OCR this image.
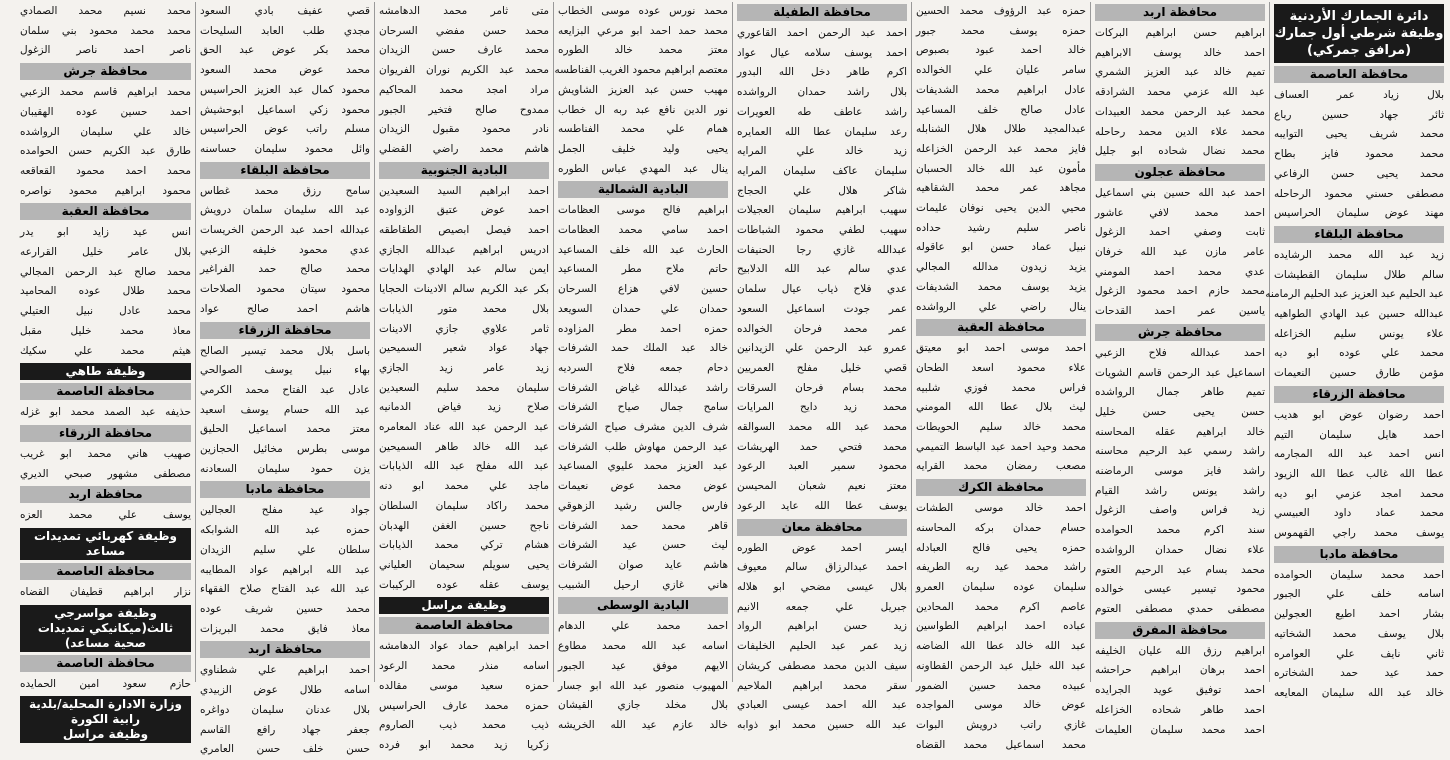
دائرة الجمارك الأردنية
وظيفة شرطي أول جمارك
(مرافق جمركي)
محافظة العاصمة
بلال زياد عمر العساف
ثائر جهاد حسين رباع
محمد شريف يحيى التوايبه
محمد محمود فايز بطاح
محمد يحيى حسن الرفاعي
مصطفى حسني محمود الرحاحله
مهند عوض سليمان الحراسيس
محافظة البلقاء
زيد عبد الله محمد الرشايده
سالم طلال سليمان القطيشات
عبد الحليم عبد العزيز عبد الحليم الرمامنه
عبدالله حسين عبد الهادي الطواهيه
علاء يونس سليم الخزاعله
محمد علي عوده ابو ديه
مؤمن طارق حسين النعيمات
محافظة الزرقاء
احمد رضوان عوض ابو هديب
احمد هايل سليمان التيم
انس احمد عبد الله المجارمه
عطا الله غالب عطا الله الزيود
محمد امجد عزمي ابو ديه
محمد عماد داود العبيسي
يوسف محمد راجي القهموس
محافظة مادبا
احمد محمد سليمان الحوامده
اسامه خلف علي الجبور
بشار احمد اطيع العجولين
بلال يوسف محمد الشخاتيه
ثاني نايف علي العوامره
حمد عيد حمد الشخاتره
خالد عبد الله سليمان المعايعه
محافظة اربد
ابراهيم حسن ابراهيم البركات
احمد خالد يوسف الابراهيم
تميم خالد عبد العزيز الشمري
عبد الله عزمي محمد الشرادقه
محمد عبد الرحمن محمد العبيدات
محمد علاء الدين محمد رحاحله
محمد نضال شحاده ابو جليل
محافظة عجلون
احمد عبد الله حسين بني اسماعيل
احمد محمد لافي عاشور
ثابت وصفي احمد الزغول
عامر مازن عبد الله خرفان
عدي محمد احمد المومني
محمد حازم احمد محمود الزغول
ياسين عمر احمد القدحات
محافظة جرش
احمد عبدالله فلاح الزعبي
اسماعيل عبد الرحمن قاسم الشويات
تميم طاهر جمال الرواشده
حسن يحيى حسن خليل
خالد ابراهيم عقله المحاسنه
راشد رسمي عبد الرحيم محاسنه
راشد فايز موسى الرماضنه
راشد يونس راشد القيام
زيد فراس واصف الزغول
سند اكرم محمد الحوامده
علاء نضال حمدان الرواشده
محمد بسام عبد الرحيم العتوم
محمود تيسير عيسى خوالده
مصطفى حمدي مصطفى العتوم
محافظة المفرق
ابراهيم رزق الله عليان الخليفه
احمد برهان ابراهيم حراحشه
احمد توفيق عويد الجرايده
احمد طاهر شحاده الخزاعله
احمد محمد سليمان العليمات
حمزه عبد الرؤوف محمد الحسين
حمزه يوسف محمد جبور
خالد احمد عبود بصبوص
سامر عليان علي الخوالده
عادل ابراهيم محمد الشديفات
عادل صالح خلف المساعيد
عبدالمجيد طلال هلال الشنابله
فايز محمد عبد الرحمن الخزاعله
مأمون عبد الله خالد الحسبان
مجاهد عمر محمد الشقاهيه
محيي الدين يحيى نوفان عليمات
ناصر سليم رشيد حداده
نبيل عماد حسن ابو عاقوله
يزيد زيدون مدالله المجالي
يزيد يوسف محمد الشديفات
ينال راضي علي الرواشده
محافظة العقبة
احمد موسى احمد ابو معيتق
علاء محمود اسعد الطحان
فراس محمد فوزي شلبيه
ليث بلال عطا الله المومني
محمد خالد سليم الحويطات
محمد وحيد احمد عبد الباسط التميمي
مصعب رمضان محمد القرايه
محافظة الكرك
احمد خالد موسى الطشات
حسام حمدان بركه المحاسنه
حمزه يحيى فالح العبادله
راشد محمد عيد ربه الطريفه
سليمان عوده سليمان العمرو
عاصم اكرم محمد المحادين
عباده احمد ابراهيم الطواسين
عبد الله خالد عطا الله الضاضه
عبد الله خليل عبد الرحمن القطاونه
عبيده محمد حسين الضمور
عوض خالد موسى المواجده
غازي راتب درويش البوات
محمد اسماعيل محمد القضاه
محافظة الطفيلة
احمد عبد الرحمن احمد القاعوري
احمد يوسف سلامه عيال عواد
اكرم طاهر دخل الله البدور
بلال راشد حمدان الرواشده
راشد عاطف طه العويرات
رعد سليمان عطا الله العمايره
زيد خالد علي المرايه
سليمان عاكف سليمان المرايه
شاكر هلال علي الحجاج
سهيب ابراهيم سليمان العجيلات
سهيب لطفي محمود الشباطات
عبدالله غازي رجا الحنيفات
عدي سالم عبد الله الدلابيح
عدي فلاح ذياب عيال سلمان
عمر جودت اسماعيل السعود
عمر محمد فرحان الخوالده
عمرو عبد الرحمن علي الزيدانين
قصي خليل مفلح العمريين
محمد بسام فرحان السرقات
محمد زيد دايح المرايات
محمد عبد الله محمد السوالقه
محمد فتحي حمد الهريشات
محمود سمير العبد الرعود
معتز نعيم شعبان المحيسن
يوسف عطا الله عايد الرعود
محافظة معان
ايسر احمد عوض الطوره
احمد عبدالرزاق سالم معيوف
بلال عيسى مضحي ابو هلاله
جبريل علي جمعه الانيم
زيد حسن ابراهيم الرواد
زيد عمر عبد الحليم الخليفات
سيف الدين محمد مصطفى كريشان
سقر محمد ابراهيم الملاحيم
عبد الله احمد عيسى العبادي
عبد الله حسين محمد ابو ذوابه
محمد نورس عوده موسى الخطاب
محمد حمد احمد ابو مرعي البزايعه
معتز محمد خالد الطوره
معتصم ابراهيم محمود الغريب الفناطسه
مهيب حسن عبد العزيز الشاويش
نور الدين نافع عبد ربه ال خطاب
همام علي محمد الفناطسه
يحيى وليد خليف الجمل
ينال عبد المهدي عباس الطوره
البادية الشمالية
ابراهيم فالح موسى العظامات
احمد سامي محمد العظامات
الحارث عبد الله خلف المساعيد
حاتم ملاح مطر المساعيد
حسين لافي هزاع السرحان
حمدان علي حمدان السويعد
حمزه احمد مطر المزاوده
خالد عبد الملك حمد الشرفات
دحام جمعه فلاح السرديه
راشد عبدالله غياض الشرفات
سامح جمال صياح الشرفات
شرف الدين مشرف صياح الشرفات
عبد الرحمن مهاوش طلب الشرفات
عبد العزيز محمد عليوي المساعيد
عوض محمد عوض نعيمات
فارس جالس رشيد الزهوقي
قاهر محمد حمد الشرفات
ليث حسن عيد الشرفات
هاشم عايد صوان الشرفات
هاني غازي ارحيل الشبيب
البادية الوسطى
احمد محمد علي الدهام
اسامه عبد الله محمد مطاوع
الايهم موفق عيد الجبور
المهيوب منصور عبد الله ابو جسار
بلال مخلد جازي القيشان
خالد عازم عيد الله الخريشه
متى ثامر محمد الدهامشه
محمد حسن مفضي السرحان
محمد عارف حسن الزيدان
محمد عبد الكريم نوران الفريوان
مراد امجد محمد المحاكيم
ممدوح صالح فتخير الجبور
نادر محمود مقبول الزيدان
هاشم محمد راضي القضلي
البادية الجنوبية
احمد ابراهيم السيد السعيدين
احمد عوض عتيق الزواوده
احمد فيصل ابصيص الطقاطقه
ادريس ابراهيم عبدالله الجازي
ايمن سالم عبد الهادي الهدايات
بكر عبد الكريم سالم الادينات الحجايا
بلال محمد متور الذيابات
ثامر علاوي جازي الادينات
جهاد عواد شعير السميحين
زيد عامر زيد الجازي
سليمان محمد سليم السعيدين
صلاح زيد فياض الدمانيه
عبد الرحمن عبد الله عناد المعامره
عبد الله خالد طاهر السميحين
عبد الله مفلح عبد الله الذيابات
ماجد علي محمد ابو دنه
محمد راكاد سليمان السلطان
ناجح حسين الغفن الهدبان
هشام تركي محمد الذيابات
يحيى سويلم سحيمان العلياني
يوسف عقله عوده الركيبات
وظيفة مراسل
محافظة العاصمة
احمد ابراهيم حماد عواد الدهامشه
اسامه منذر محمد الرعود
حمزه سعيد موسى مقالده
حمزه محمد عارف الحراسيس
ذيب محمد ذيب الصاروم
زكريا زيد محمد ابو فرده
قصي عفيف بادي السعود
مجدي طلب العابد السليحات
محمد بكر عوض عبد الحق
محمد عوض محمد السعود
محمود كمال عبد العزيز الحراسيس
محمود زكي اسماعيل ابوحشيش
مسلم راتب عوض الحراسيس
وائل محمود سليمان حساسنه
محافظة البلقاء
سامح رزق محمد غطاس
عبد الله سليمان سلمان درويش
عبدالله احمد عبد الرحمن الخريسات
عدي محمود خليفه الزعبي
محمد صالح حمد الفراغير
محمود سيتان محمود الصلاحات
هاشم احمد صالح عواد
محافظة الزرقاء
باسل بلال محمد تيسير الصالح
بهاء نبيل يوسف الصوالحي
عادل عبد الفتاح محمد الكرمي
عبد الله حسام يوسف اسعيد
معتز محمد اسماعيل الحليق
موسى بطرس مخائيل الحجازين
يزن حمود سليمان السعادنه
محافظة مادبا
جواد عيد مفلح العجالين
حمزه عبد الله الشوابكه
سلطان علي سليم الزيدان
عبد الله ابراهيم عواد المطايبه
عبد الله عبد الفتاح صلاح الفقهاء
محمد حسين شريف عوده
معاذ فايق محمد البريزات
محافظة اربد
احمد ابراهيم علي شطناوي
اسامه طلال عوض الزبيدي
بلال عدنان سليمان دواغره
جعفر جهاد رافع القاسم
حسن خلف حسن العامري
محمد نسيم محمد الصمادي
محمد محمد محمود بني سلمان
ناصر احمد ناصر الزغول
محافظة جرش
محمد ابراهيم قاسم محمد الزعبي
احمد حسين عوده الهقيبان
خالد علي سليمان الرواشده
طارق عبد الكريم حسن الحوامده
محمد احمد محمود القعاقعه
محمود ابراهيم محمود نواصره
محافظة العقبة
انس عيد زايد ابو يدر
بلال عامر خليل القرارعه
محمد صالح عبد الرحمن المجالي
محمد طلال عوده المحاميد
محمد عادل نبيل العتيلي
معاذ محمد خليل مقبل
هيثم محمد علي سكيك
وظيفة طاهي
محافظة العاصمة
حذيفه عبد الصمد محمد ابو غزله
محافظة الزرقاء
صهيب هاني محمد ابو غريب
مصطفى مشهور صبحي الديري
محافظة اربد
يوسف علي محمد العزه
وظيفة كهربائي تمديدات مساعد
محافظة العاصمة
نزار ابراهيم قطيفان القضاه
وظيفة مواسرجي ثالث(ميكانيكي تمديدات صحية مساعد)
محافظة العاصمة
حازم سعود امين الحمايده
وزارة الادارة المحلية/بلدية رابية الكورة
وظيفة مراسل
